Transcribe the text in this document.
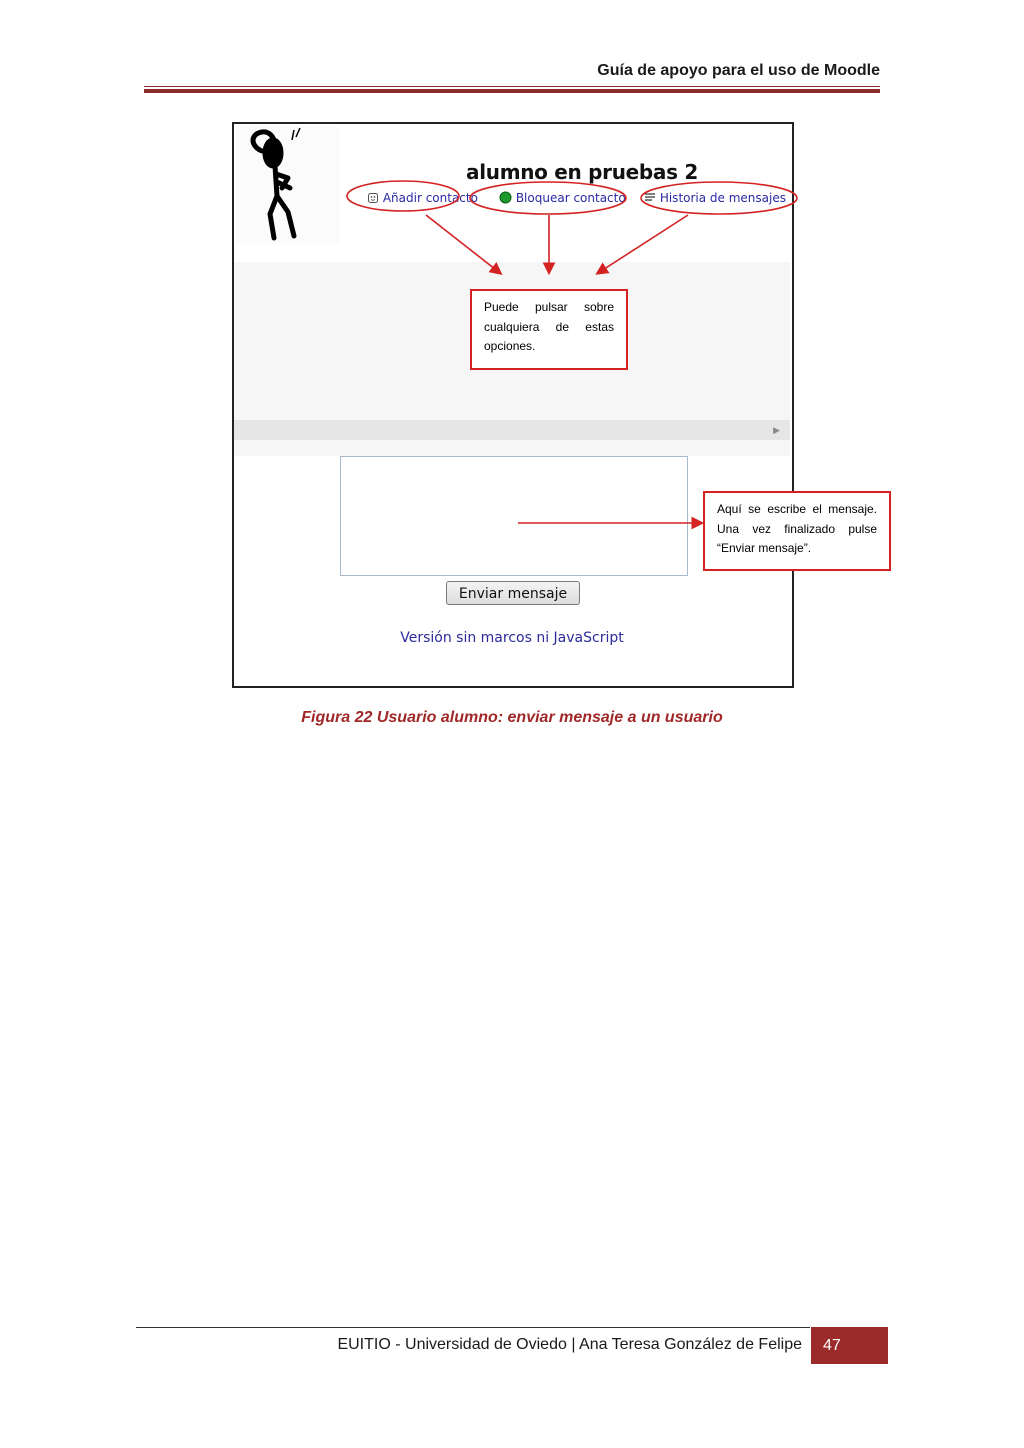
Guía de apoyo para el uso de Moodle
alumno en pruebas 2
Añadir contacto	Bloquear contacto	Historia de mensajes
▶
Enviar mensaje
Versión sin marcos ni JavaScript
Puede pulsar sobre cualquiera de estas opciones.
Aquí se escribe el mensaje. Una vez finalizado pulse “Enviar mensaje”.
Figura 22 Usuario alumno: enviar mensaje a un usuario
EUITIO - Universidad de Oviedo | Ana Teresa González de Felipe	47
